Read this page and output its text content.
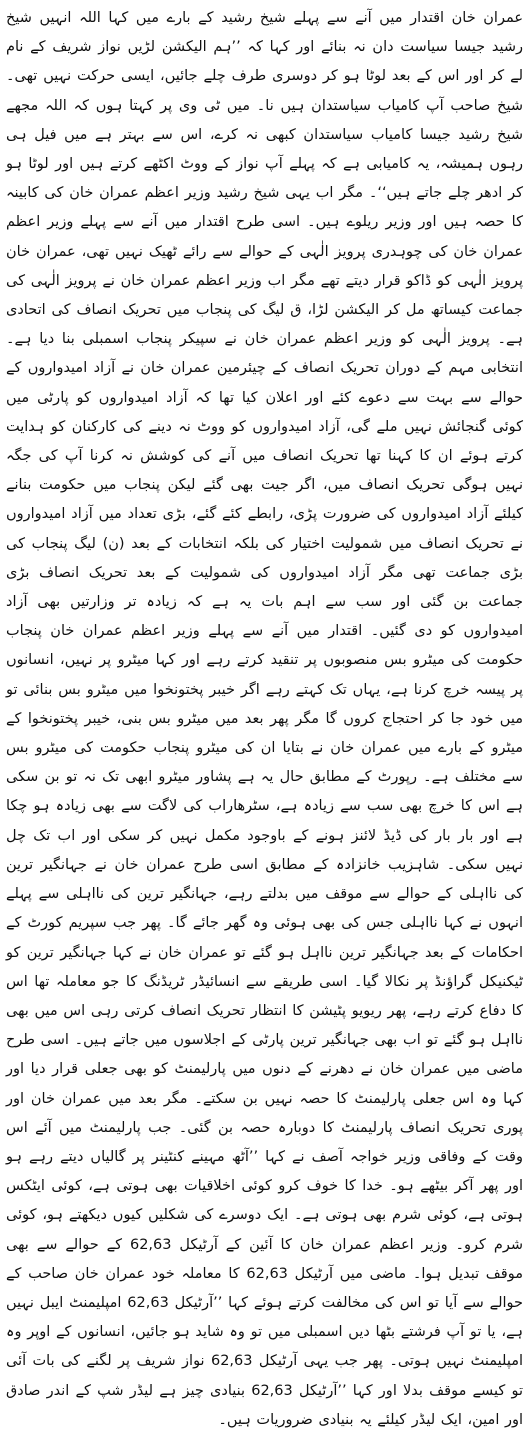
عمران خان اقتدار میں آنے سے پہلے شیخ رشید کے بارے میں کہا اللہ انہیں شیخ رشید جیسا سیاست دان نہ بنائے اور کہا کہ ’’ہم الیکشن لڑیں نواز شریف کے نام لے کر اور اس کے بعد لوٹا ہو کر دوسری طرف چلے جائیں، ایسی حرکت نہیں تھی۔ شیخ صاحب آپ کامیاب سیاستدان ہیں نا۔ میں ٹی وی پر کہتا ہوں کہ اللہ مجھے شیخ رشید جیسا کامیاب سیاستدان کبھی نہ کرے، اس سے بہتر ہے میں فیل ہی رہوں ہمیشہ، یہ کامیابی ہے کہ پہلے آپ نواز کے ووٹ اکٹھے کرتے ہیں اور لوٹا ہو کر ادھر چلے جاتے ہیں‘‘۔ مگر اب یہی شیخ رشید وزیر اعظم عمران خان کی کابینہ کا حصہ ہیں اور وزیر ریلوے ہیں۔ اسی طرح اقتدار میں آنے سے پہلے وزیر اعظم عمران خان کی چوہدری پرویز الٰہی کے حوالے سے رائے ٹھیک نہیں تھی، عمران خان پرویز الٰہی کو ڈاکو قرار دیتے تھے مگر اب وزیر اعظم عمران خان نے پرویز الٰہی کی جماعت کیساتھ مل کر الیکشن لڑا، ق لیگ کی پنجاب میں تحریک انصاف کی اتحادی ہے۔ پرویز الٰہی کو وزیر اعظم عمران خان نے سپیکر پنجاب اسمبلی بنا دیا ہے۔ انتخابی مہم کے دوران تحریک انصاف کے چیئرمین عمران خان نے آزاد امیدواروں کے حوالے سے بہت سے دعوے کئے اور اعلان کیا تھا کہ آزاد امیدواروں کو پارٹی میں کوئی گنجائش نہیں ملے گی، آزاد امیدواروں کو ووٹ نہ دینے کی کارکنان کو ہدایت کرتے ہوئے ان کا کہنا تھا تحریک انصاف میں آنے کی کوشش نہ کرنا آپ کی جگہ نہیں ہوگی تحریک انصاف میں، اگر جیت بھی گئے لیکن پنجاب میں حکومت بنانے کیلئے آزاد امیدواروں کی ضرورت پڑی، رابطے کئے گئے، بڑی تعداد میں آزاد امیدواروں نے تحریک انصاف میں شمولیت اختیار کی بلکہ انتخابات کے بعد (ن) لیگ پنجاب کی بڑی جماعت تھی مگر آزاد امیدواروں کی شمولیت کے بعد تحریک انصاف بڑی جماعت بن گئی اور سب سے اہم بات یہ ہے کہ زیادہ تر وزارتیں بھی آزاد امیدواروں کو دی گئیں۔ اقتدار میں آنے سے پہلے وزیر اعظم عمران خان پنجاب حکومت کی میٹرو بس منصوبوں پر تنقید کرتے رہے اور کہا میٹرو پر نہیں، انسانوں پر پیسہ خرچ کرنا ہے، یہاں تک کہتے رہے اگر خیبر پختونخوا میں میٹرو بس بنائی تو میں خود جا کر احتجاج کروں گا مگر پھر بعد میں میٹرو بس بنی، خیبر پختونخوا کے میٹرو کے بارے میں عمران خان نے بتایا ان کی میٹرو پنجاب حکومت کی میٹرو بس سے مختلف ہے۔ رپورٹ کے مطابق حال یہ ہے پشاور میٹرو ابھی تک نہ تو بن سکی ہے اس کا خرچ بھی سب سے زیادہ ہے، سٹرھاراب کی لاگت سے بھی زیادہ ہو چکا ہے اور بار بار کی ڈیڈ لائنز ہونے کے باوجود مکمل نہیں کر سکی اور اب تک چل نہیں سکی۔ شاہزیب خانزادہ کے مطابق اسی طرح عمران خان نے جہانگیر ترین کی نااہلی کے حوالے سے موقف میں بدلتے رہے، جہانگیر ترین کی نااہلی سے پہلے انہوں نے کہا نااہلی جس کی بھی ہوئی وہ گھر جائے گا۔ پھر جب سپریم کورٹ کے احکامات کے بعد جہانگیر ترین نااہل ہو گئے تو عمران خان نے کہا جہانگیر ترین کو ٹیکنیکل گراؤنڈ پر نکالا گیا۔ اسی طریقے سے انسائیڈر ٹریڈنگ کا جو معاملہ تھا اس کا دفاع کرتے رہے، پھر ریویو پٹیشن کا انتظار تحریک انصاف کرتی رہی اس میں بھی نااہل ہو گئے تو اب بھی جہانگیر ترین پارٹی کے اجلاسوں میں جاتے ہیں۔ اسی طرح ماضی میں عمران خان نے دھرنے کے دنوں میں پارلیمنٹ کو بھی جعلی قرار دیا اور کہا وہ اس جعلی پارلیمنٹ کا حصہ نہیں بن سکتے۔ مگر بعد میں عمران خان اور پوری تحریک انصاف پارلیمنٹ کا دوبارہ حصہ بن گئی۔ جب پارلیمنٹ میں آئے اس وقت کے وفاقی وزیر خواجہ آصف نے کہا ’’آٹھ مہینے کنٹینر پر گالیاں دیتے رہے ہو اور پھر آکر بیٹھے ہو۔ خدا کا خوف کرو کوئی اخلاقیات بھی ہوتی ہے، کوئی ایٹکس ہوتی ہے، کوئی شرم بھی ہوتی ہے۔ ایک دوسرے کی شکلیں کیوں دیکھتے ہو، کوئی شرم کرو۔ وزیر اعظم عمران خان کا آئین کے آرٹیکل 62,63 کے حوالے سے بھی موقف تبدیل ہوا۔ ماضی میں آرٹیکل 62,63 کا معاملہ خود عمران خان صاحب کے حوالے سے آیا تو اس کی مخالفت کرتے ہوئے کہا ’’آرٹیکل 62,63 امپلیمنٹ ایبل نہیں ہے، یا تو آپ فرشتے بٹھا دیں اسمبلی میں تو وہ شاید ہو جائیں، انسانوں کے اوپر وہ امپلیمنٹ نہیں ہوتی۔ پھر جب یہی آرٹیکل 62,63 نواز شریف پر لگنے کی بات آئی تو کیسے موقف بدلا اور کہا ’’آرٹیکل 62,63 بنیادی چیز ہے لیڈر شپ کے اندر صادق اور امین، ایک لیڈر کیلئے یہ بنیادی ضروریات ہیں۔
